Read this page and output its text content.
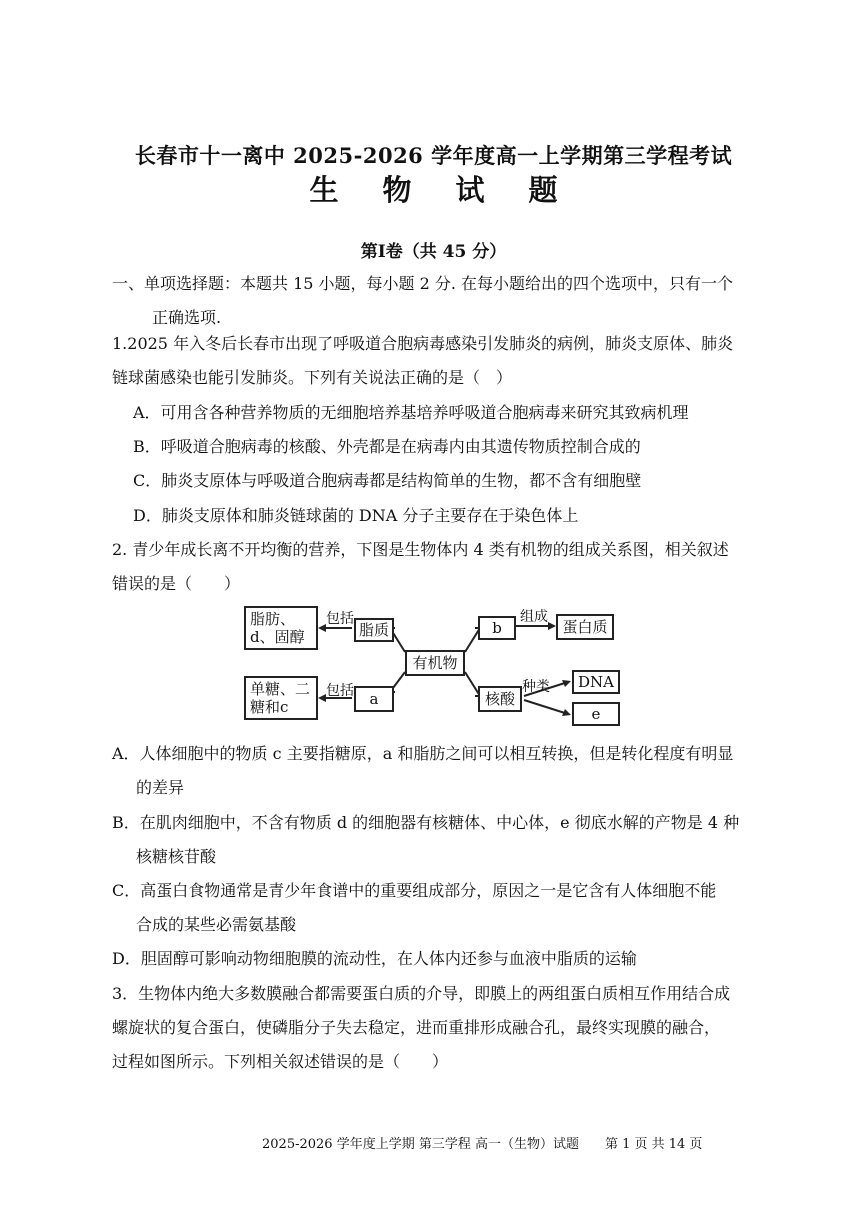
长春市十一离中 2025-2026 学年度高一上学期第三学程考试
生物试题
第Ⅰ卷（共 45 分）
一、单项选择题：本题共 15 小题，每小题 2 分. 在每小题给出的四个选项中，只有一个
正确选项.
1.2025 年入冬后长春市出现了呼吸道合胞病毒感染引发肺炎的病例，肺炎支原体、肺炎
链球菌感染也能引发肺炎。下列有关说法正确的是（　）
A．可用含各种营养物质的无细胞培养基培养呼吸道合胞病毒来研究其致病机理
B．呼吸道合胞病毒的核酸、外壳都是在病毒内由其遗传物质控制合成的
C．肺炎支原体与呼吸道合胞病毒都是结构简单的生物，都不含有细胞壁
D．肺炎支原体和肺炎链球菌的 DNA 分子主要存在于染色体上
2. 青少年成长离不开均衡的营养，下图是生物体内 4 类有机物的组成关系图，相关叙述
错误的是（　　）
脂肪、d、固醇
包括
脂质
有机物
单糖、二糖和c
包括	a
b
组成
蛋白质
核酸
种类	DNA
e
A．人体细胞中的物质 c 主要指糖原，a 和脂肪之间可以相互转换，但是转化程度有明显
的差异
B．在肌肉细胞中，不含有物质 d 的细胞器有核糖体、中心体，e 彻底水解的产物是 4 种
核糖核苷酸
C．高蛋白食物通常是青少年食谱中的重要组成部分，原因之一是它含有人体细胞不能
合成的某些必需氨基酸
D．胆固醇可影响动物细胞膜的流动性，在人体内还参与血液中脂质的运输
3．生物体内绝大多数膜融合都需要蛋白质的介导，即膜上的两组蛋白质相互作用结合成
螺旋状的复合蛋白，使磷脂分子失去稳定，进而重排形成融合孔，最终实现膜的融合，
过程如图所示。下列相关叙述错误的是（　　）
2025-2026 学年度上学期 第三学程 高一（生物）试题　　第 1 页 共 14 页
